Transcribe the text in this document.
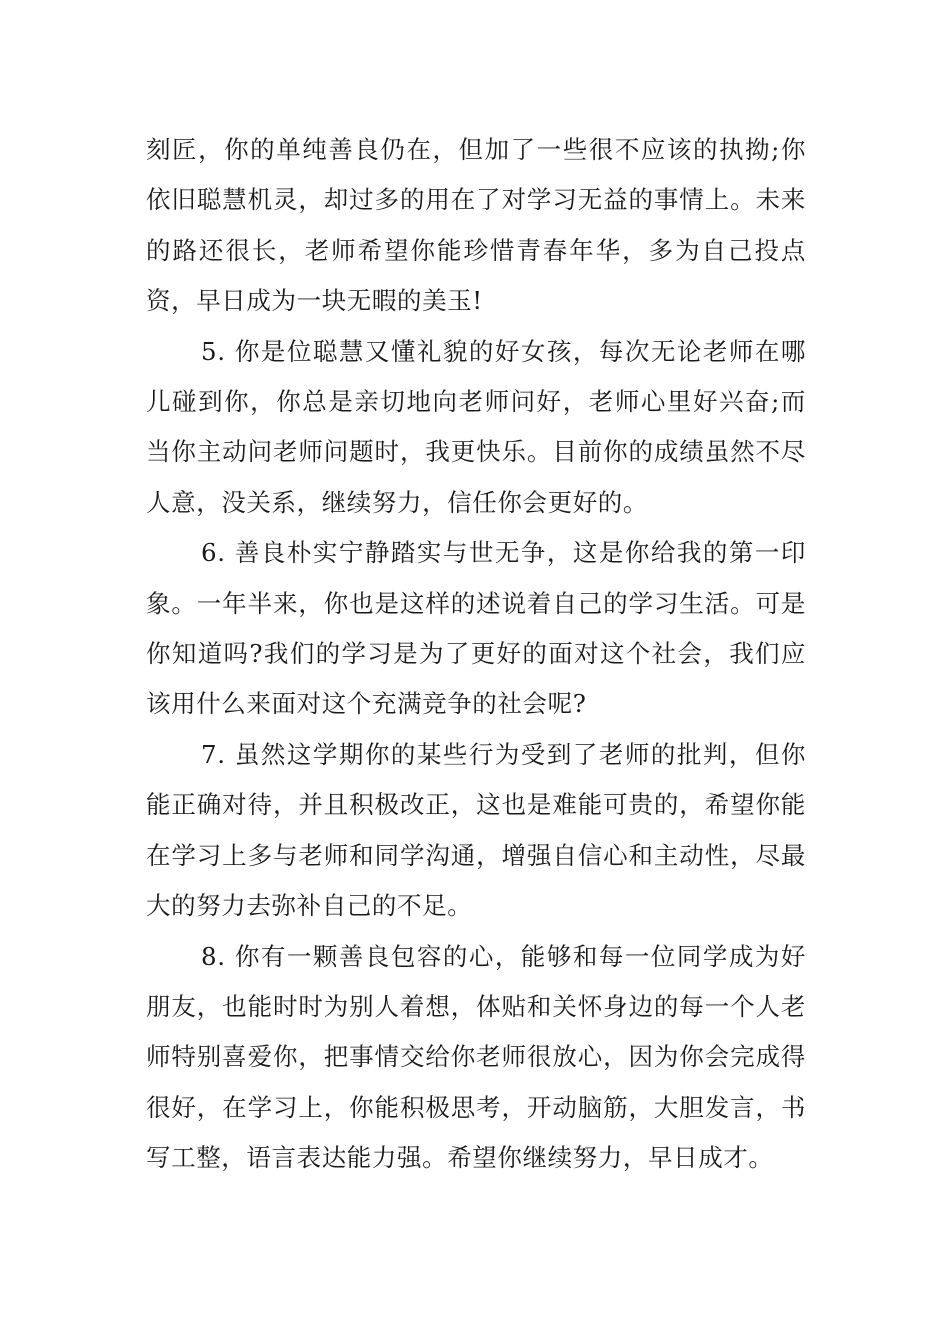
刻匠，你的单纯善良仍在，但加了一些很不应该的执拗;你依旧聪慧机灵，却过多的用在了对学习无益的事情上。未来的路还很长，老师希望你能珍惜青春年华，多为自己投点资，早日成为一块无暇的美玉!

5. 你是位聪慧又懂礼貌的好女孩，每次无论老师在哪儿碰到你，你总是亲切地向老师问好，老师心里好兴奋;而当你主动问老师问题时，我更快乐。目前你的成绩虽然不尽人意，没关系，继续努力，信任你会更好的。

6. 善良朴实宁静踏实与世无争，这是你给我的第一印象。一年半来，你也是这样的述说着自己的学习生活。可是你知道吗?我们的学习是为了更好的面对这个社会，我们应该用什么来面对这个充满竞争的社会呢?

7. 虽然这学期你的某些行为受到了老师的批判，但你能正确对待，并且积极改正，这也是难能可贵的，希望你能在学习上多与老师和同学沟通，增强自信心和主动性，尽最大的努力去弥补自己的不足。

8. 你有一颗善良包容的心，能够和每一位同学成为好朋友，也能时时为别人着想，体贴和关怀身边的每一个人老师特别喜爱你，把事情交给你老师很放心，因为你会完成得很好，在学习上，你能积极思考，开动脑筋，大胆发言，书写工整，语言表达能力强。希望你继续努力，早日成才。
